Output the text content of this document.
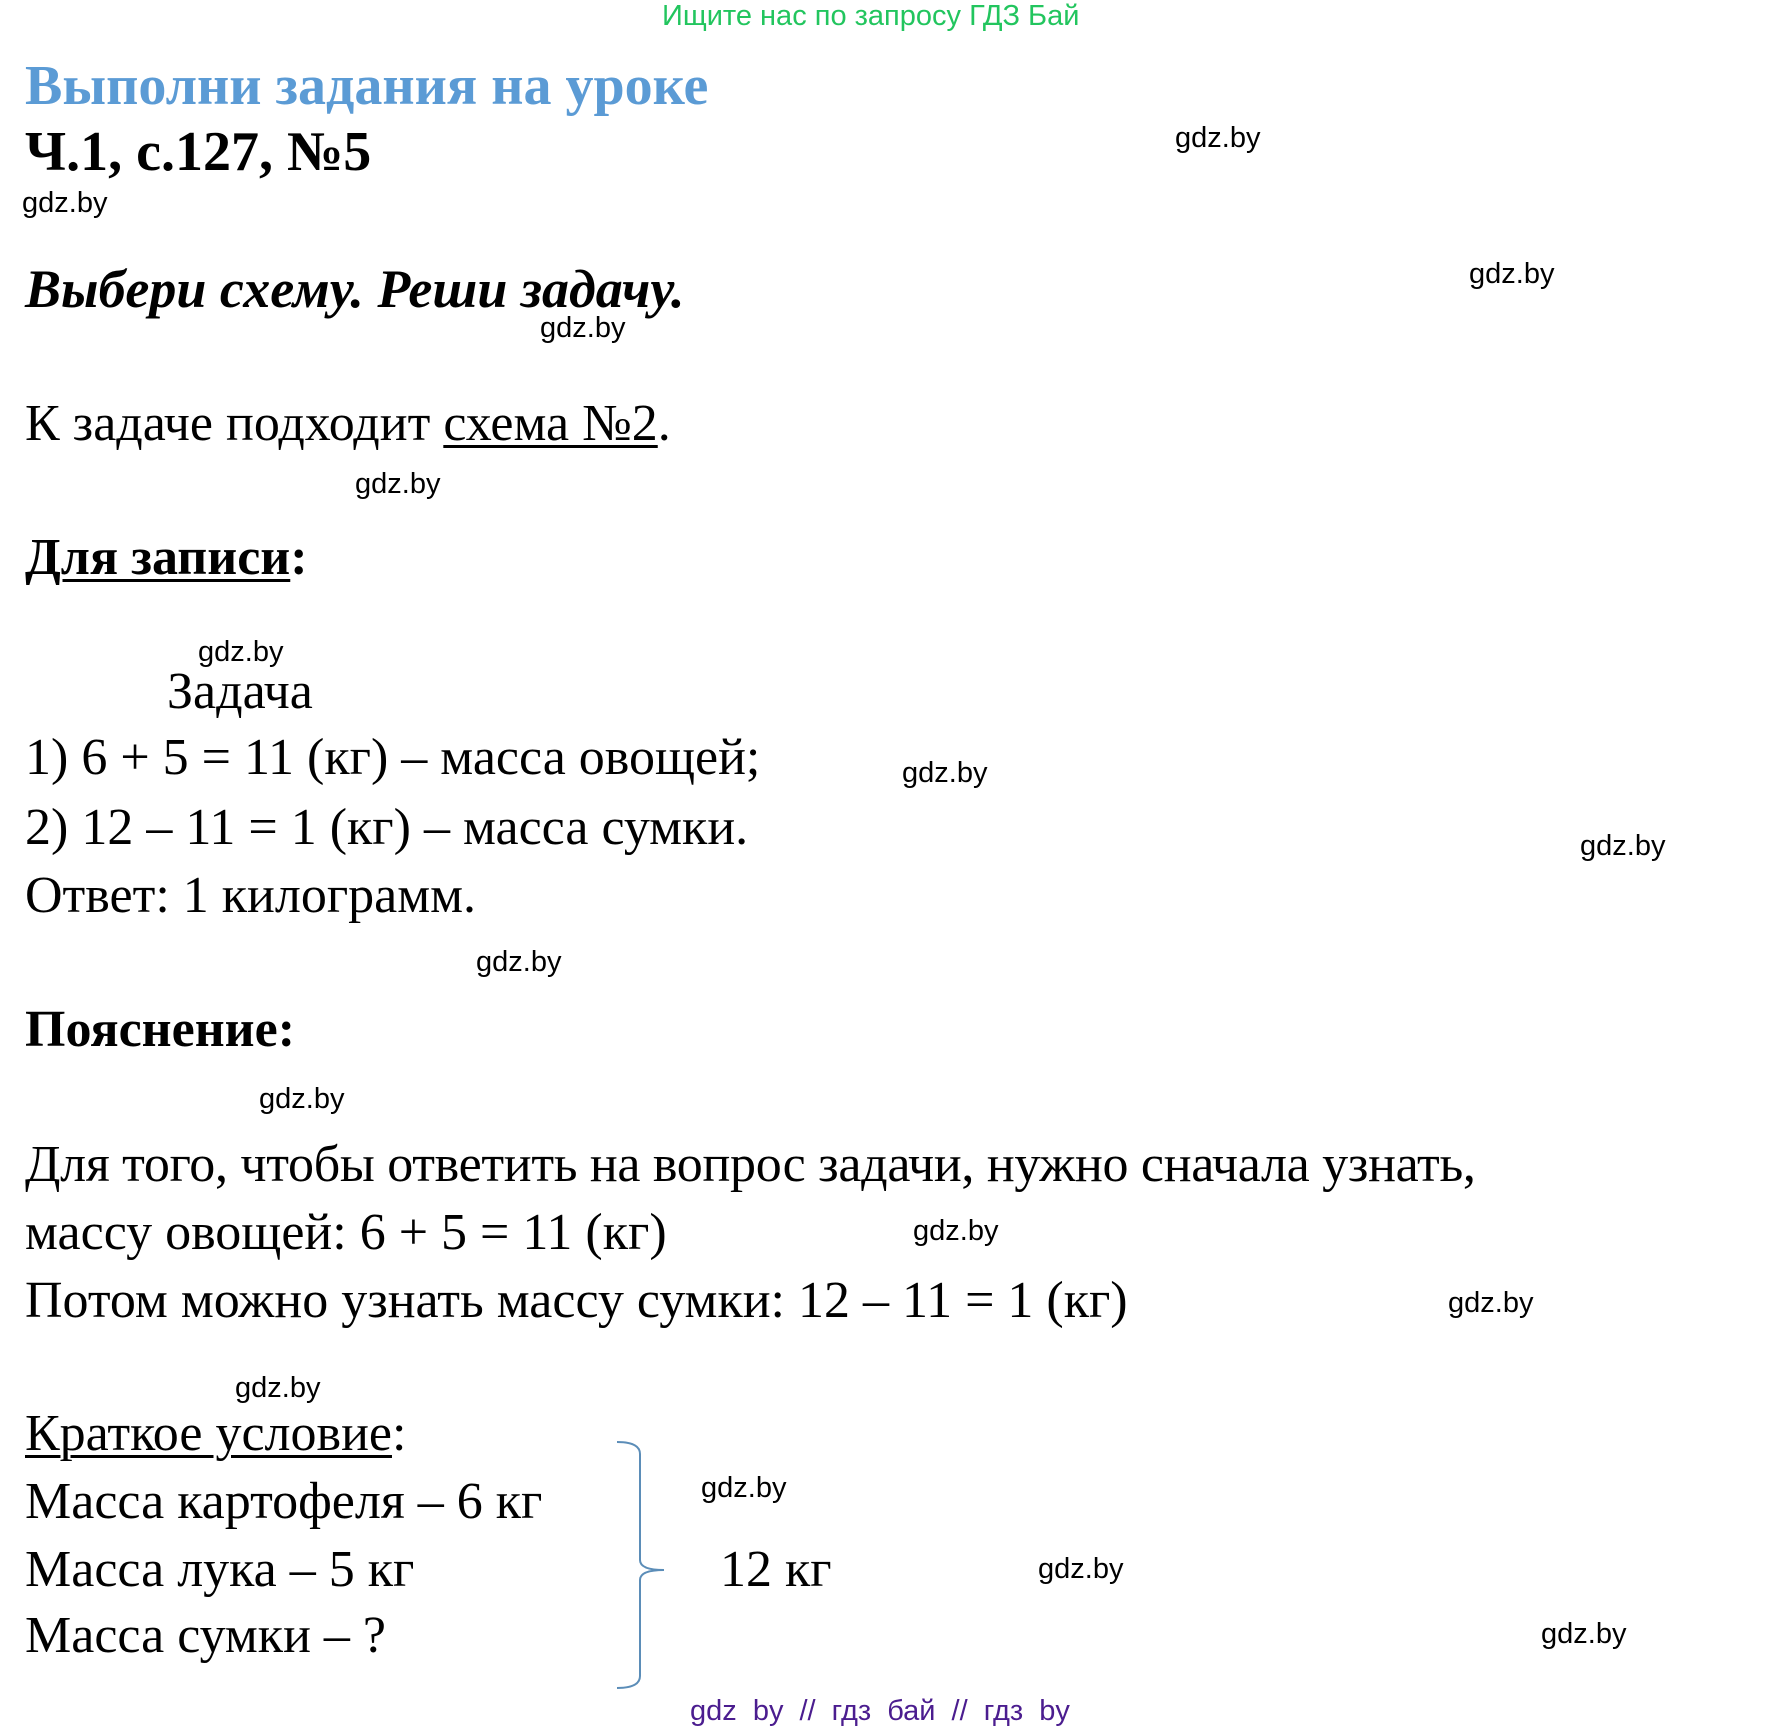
Ищите нас по запросу ГДЗ Бай
Выполни задания на уроке
Ч.1, с.127, №5
Выбери схему. Реши задачу.
К задаче подходит схема №2.
Для записи:
Задача
1) 6 + 5 = 11 (кг) – масса овощей;
2) 12 – 11 = 1 (кг) – масса сумки.
Ответ: 1 килограмм.
Пояснение:
Для того, чтобы ответить на вопрос задачи, нужно сначала узнать,
массу овощей: 6 + 5 = 11 (кг)
Потом можно узнать массу сумки: 12 – 11 = 1 (кг)
Краткое условие:
Масса картофеля – 6 кг
Масса лука – 5 кг
Масса сумки – ?
12 кг
gdz.by
gdz.by
gdz.by
gdz.by
gdz.by
gdz.by
gdz.by
gdz.by
gdz.by
gdz.by
gdz.by
gdz.by
gdz.by
gdz.by
gdz.by
gdz.by
gdz by // гдз бай // гдз by
